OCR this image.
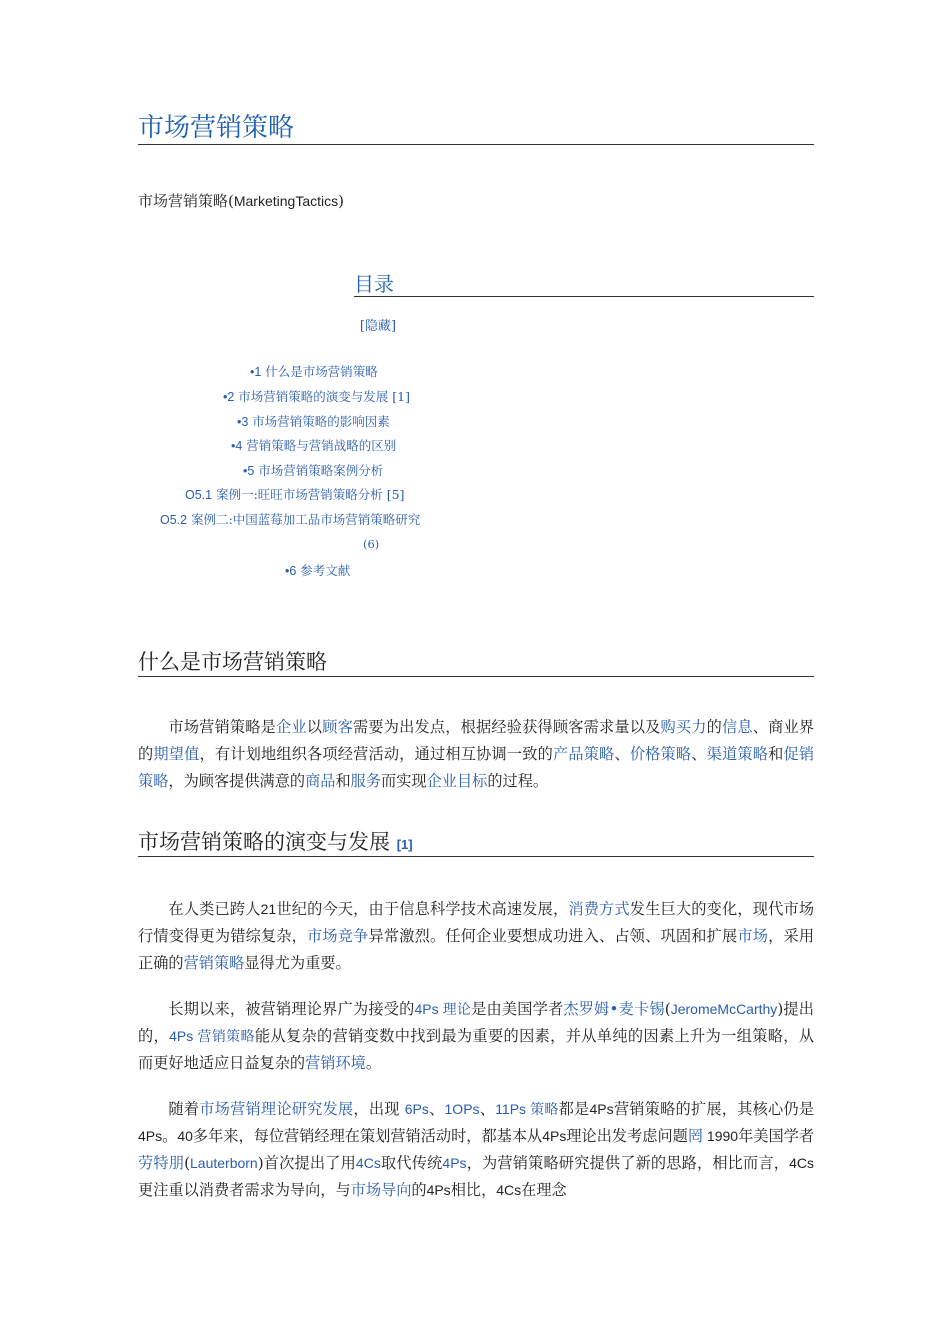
市场营销策略
市场营销策略(MarketingTactics)
目录
[隐藏]
•1 什么是市场营销策略
•2 市场营销策略的演变与发展 [1]
•3 市场营销策略的影响因素
•4 营销策略与营销战略的区别
•5 市场营销策略案例分析
O5.1 案例一:旺旺市场营销策略分析 [5]
O5.2 案例二:中国蓝莓加工品市场营销策略研究
(6)
•6 参考文献
什么是市场营销策略
市场营销策略是企业以顾客需要为出发点，根据经验获得顾客需求量以及购买力的信息、商业界的期望值，有计划地组织各项经营活动，通过相互协调一致的产品策略、价格策略、渠道策略和促销策略，为顾客提供满意的商品和服务而实现企业目标的过程。
市场营销策略的演变与发展 [1]
在人类已跨人21世纪的今天，由于信息科学技术高速发展，消费方式发生巨大的变化，现代市场行情变得更为错综复杂，市场竞争异常激烈。任何企业要想成功进入、占领、巩固和扩展市场，采用正确的营销策略显得尤为重要。
长期以来，被营销理论界广为接受的4Ps 理论是由美国学者杰罗姆•麦卡锡(JeromeMcCarthy)提出的，4Ps 营销策略能从复杂的营销变数中找到最为重要的因素，并从单纯的因素上升为一组策略，从而更好地适应日益复杂的营销环境。
随着市场营销理论研究发展，出现 6Ps、1OPs、11Ps 策略都是4Ps营销策略的扩展，其核心仍是4Ps。40多年来，每位营销经理在策划营销活动时，都基本从4Ps理论出发考虑问题罔 1990年美国学者劳特朋(Lauterborn)首次提出了用4Cs取代传统4Ps，为营销策略研究提供了新的思路，相比而言，4Cs更注重以消费者需求为导向，与市场导向的4Ps相比，4Cs在理念
